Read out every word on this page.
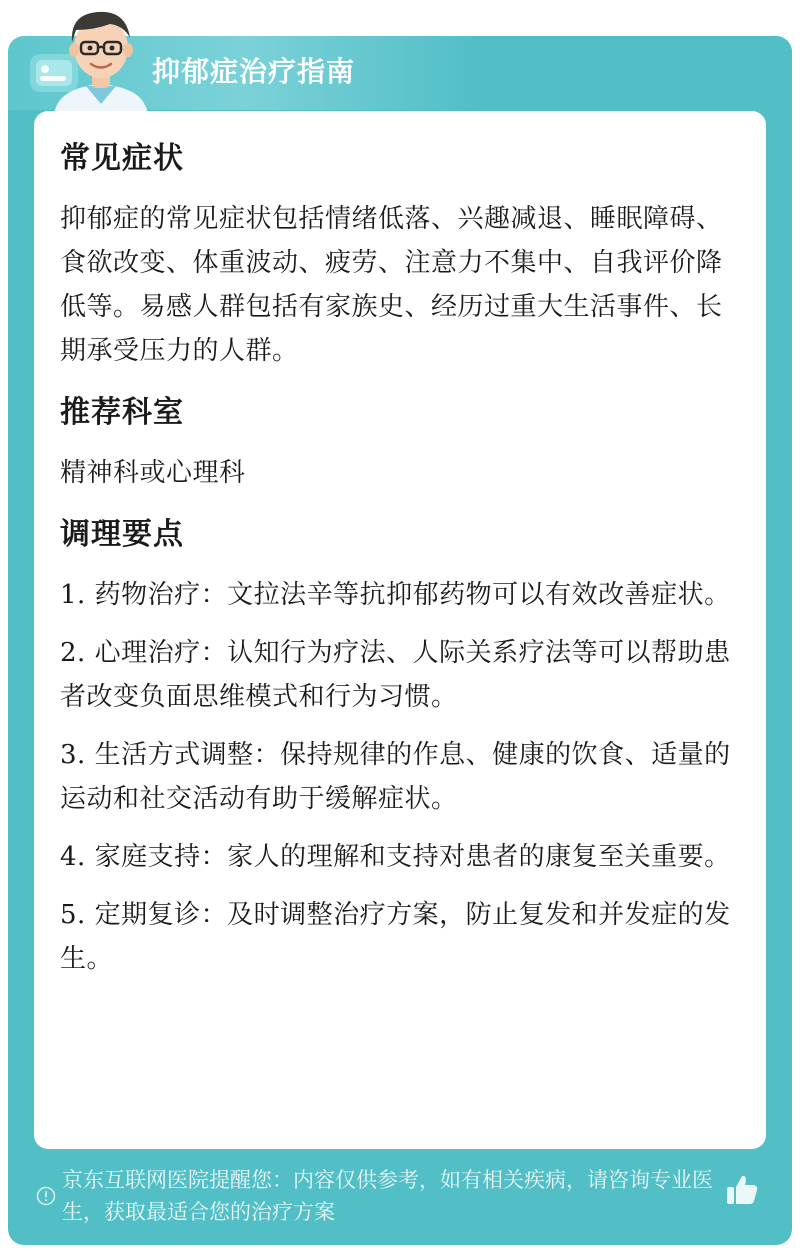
抑郁症治疗指南
常见症状
抑郁症的常见症状包括情绪低落、兴趣减退、睡眠障碍、食欲改变、体重波动、疲劳、注意力不集中、自我评价降低等。易感人群包括有家族史、经历过重大生活事件、长期承受压力的人群。
推荐科室
精神科或心理科
调理要点
1. 药物治疗：文拉法辛等抗抑郁药物可以有效改善症状。
2. 心理治疗：认知行为疗法、人际关系疗法等可以帮助患者改变负面思维模式和行为习惯。
3. 生活方式调整：保持规律的作息、健康的饮食、适量的运动和社交活动有助于缓解症状。
4. 家庭支持：家人的理解和支持对患者的康复至关重要。
5. 定期复诊：及时调整治疗方案，防止复发和并发症的发生。
京东互联网医院提醒您：内容仅供参考，如有相关疾病，请咨询专业医生，获取最适合您的治疗方案
